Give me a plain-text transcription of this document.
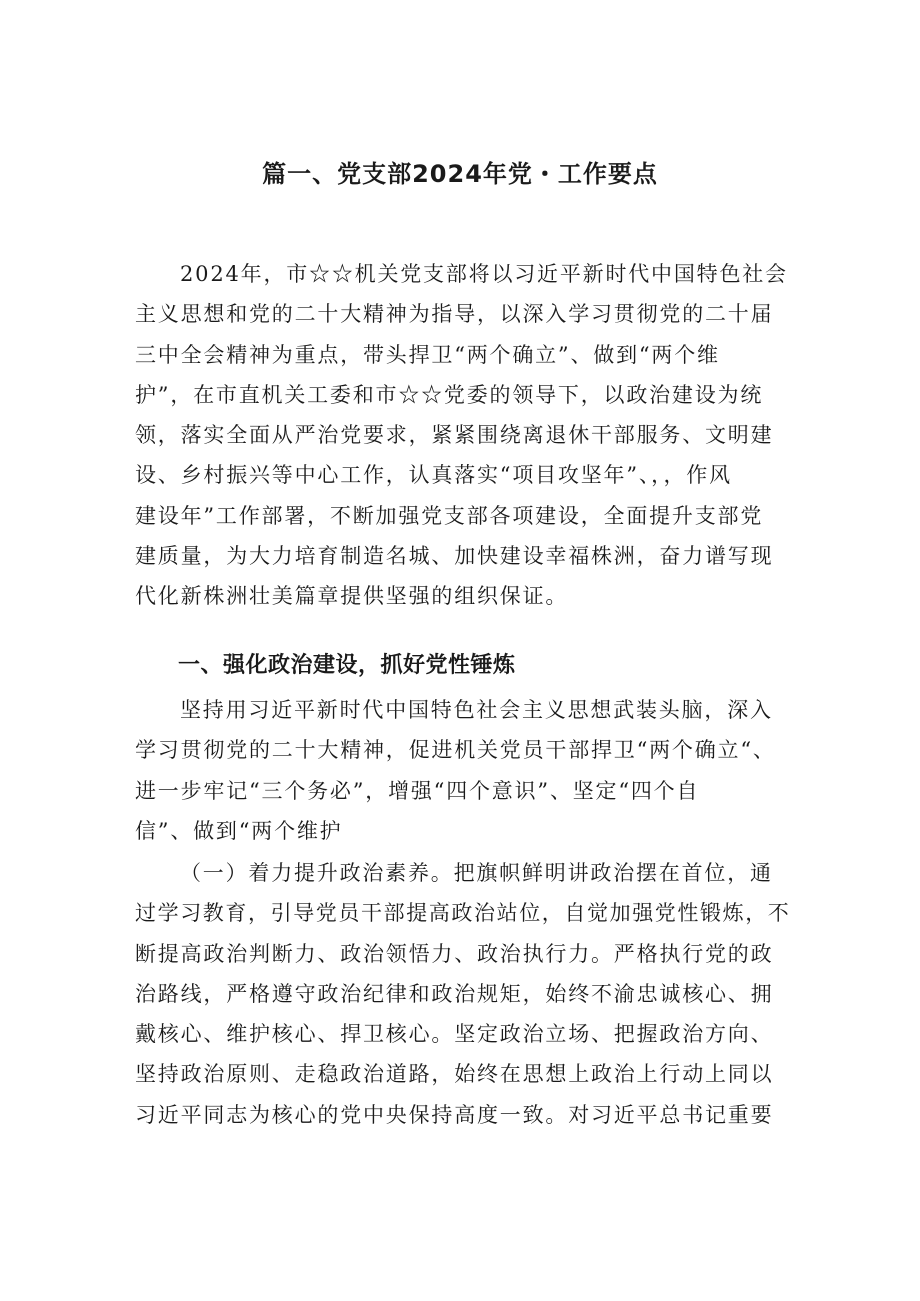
篇一、党支部2024年党・工作要点
2024年，市☆☆机关党支部将以习近平新时代中国特色社会
主义思想和党的二十大精神为指导，以深入学习贯彻党的二十届
三中全会精神为重点，带头捍卫“两个确立”、做到“两个维
护”，在市直机关工委和市☆☆党委的领导下，以政治建设为统
领，落实全面从严治党要求，紧紧围绕离退休干部服务、文明建
设、乡村振兴等中心工作，认真落实“项目攻坚年”、，，作风
建设年”工作部署，不断加强党支部各项建设，全面提升支部党
建质量，为大力培育制造名城、加快建设幸福株洲，奋力谱写现
代化新株洲壮美篇章提供坚强的组织保证。
一、强化政治建设，抓好党性锤炼
坚持用习近平新时代中国特色社会主义思想武装头脑，深入
学习贯彻党的二十大精神，促进机关党员干部捍卫“两个确立“、
进一步牢记“三个务必”，增强“四个意识”、坚定“四个自
信”、做到“两个维护
（一）着力提升政治素养。把旗帜鲜明讲政治摆在首位，通
过学习教育，引导党员干部提高政治站位，自觉加强党性锻炼，不
断提高政治判断力、政治领悟力、政治执行力。严格执行党的政
治路线，严格遵守政治纪律和政治规矩，始终不渝忠诚核心、拥
戴核心、维护核心、捍卫核心。坚定政治立场、把握政治方向、
坚持政治原则、走稳政治道路，始终在思想上政治上行动上同以
习近平同志为核心的党中央保持高度一致。对习近平总书记重要
